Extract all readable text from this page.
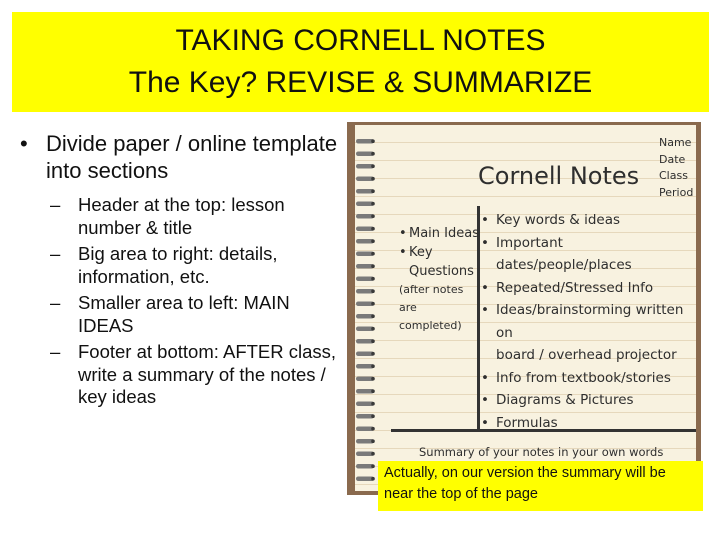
TAKING CORNELL NOTES
The Key? REVISE & SUMMARIZE
• Divide paper / online template into sections
– Header at the top: lesson number & title
– Big area to right: details, information, etc.
– Smaller area to left: MAIN IDEAS
– Footer at bottom: AFTER class, write a summary of the notes / key ideas
Cornell Notes
Name
Date
Class
Period
• Main Ideas
• Key Questions
(after notes are completed)
• Key words & ideas
• Important dates/people/places
• Repeated/Stressed Info
• Ideas/brainstorming written on
board / overhead projector
• Info from textbook/stories
• Diagrams & Pictures
• Formulas
Summary of your notes in your own words
Actually, on our version the summary will be near the top of the page
